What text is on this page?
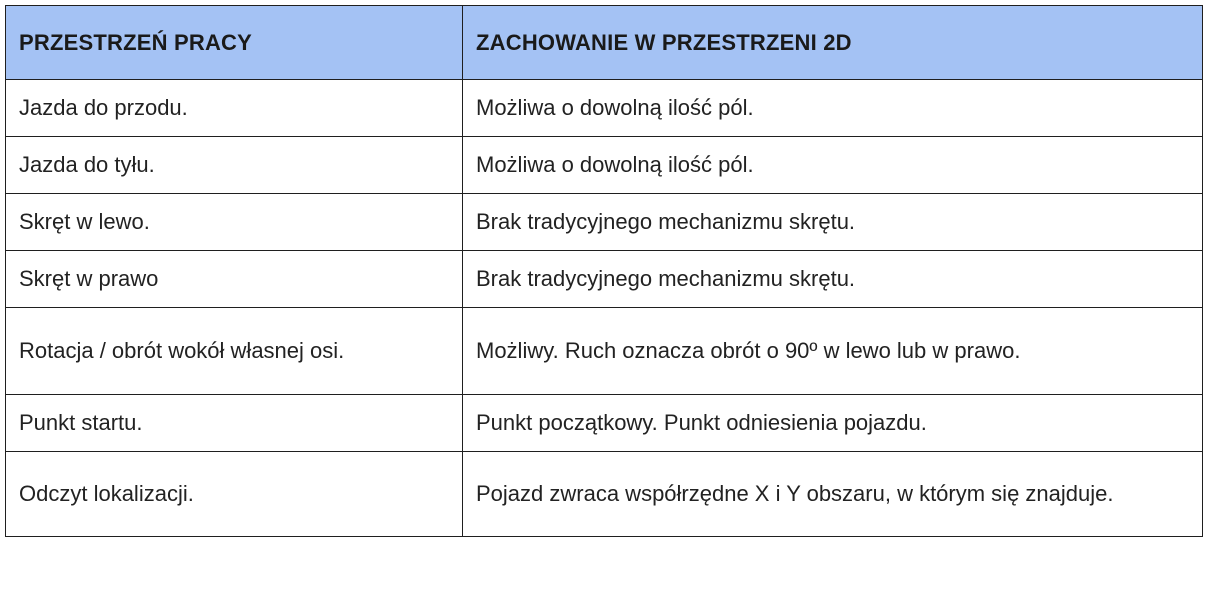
PRZESTRZEŃ PRACY	ZACHOWANIE W PRZESTRZENI 2D
Jazda do przodu.	Możliwa o dowolną ilość pól.
Jazda do tyłu.	Możliwa o dowolną ilość pól.
Skręt w lewo.	Brak tradycyjnego mechanizmu skrętu.
Skręt w prawo	Brak tradycyjnego mechanizmu skrętu.
Rotacja / obrót wokół własnej osi.	Możliwy. Ruch oznacza obrót o 90º w lewo lub w prawo.
Punkt startu.	Punkt początkowy. Punkt odniesienia pojazdu.
Odczyt lokalizacji.	Pojazd zwraca współrzędne X i Y obszaru, w którym się znajduje.
